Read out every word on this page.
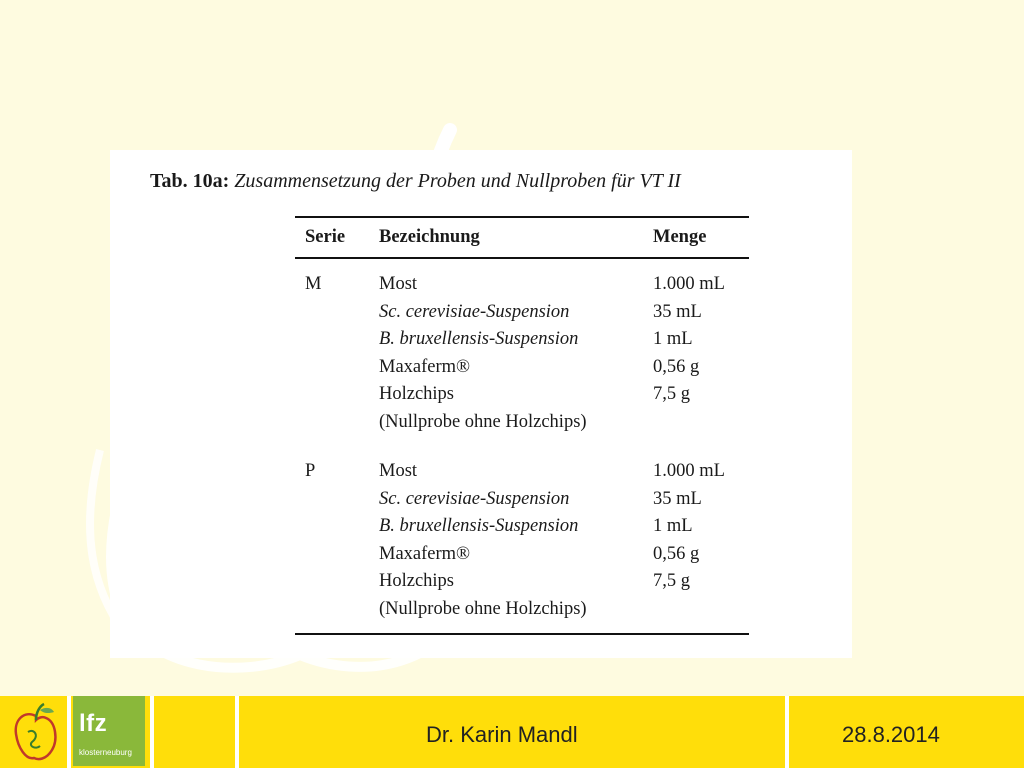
Tab. 10a: Zusammensetzung der Proben und Nullproben für VT II
Serie	Bezeichnung	Menge
M	Most	1.000 mL
	Sc. cerevisiae-Suspension	35 mL
	B. bruxellensis-Suspension	1 mL
	Maxaferm®	0,56 g
	Holzchips	7,5 g
	(Nullprobe ohne Holzchips)	
P	Most	1.000 mL
	Sc. cerevisiae-Suspension	35 mL
	B. bruxellensis-Suspension	1 mL
	Maxaferm®	0,56 g
	Holzchips	7,5 g
	(Nullprobe ohne Holzchips)	
lfz
klosterneuburg
Dr. Karin Mandl	28.8.2014
